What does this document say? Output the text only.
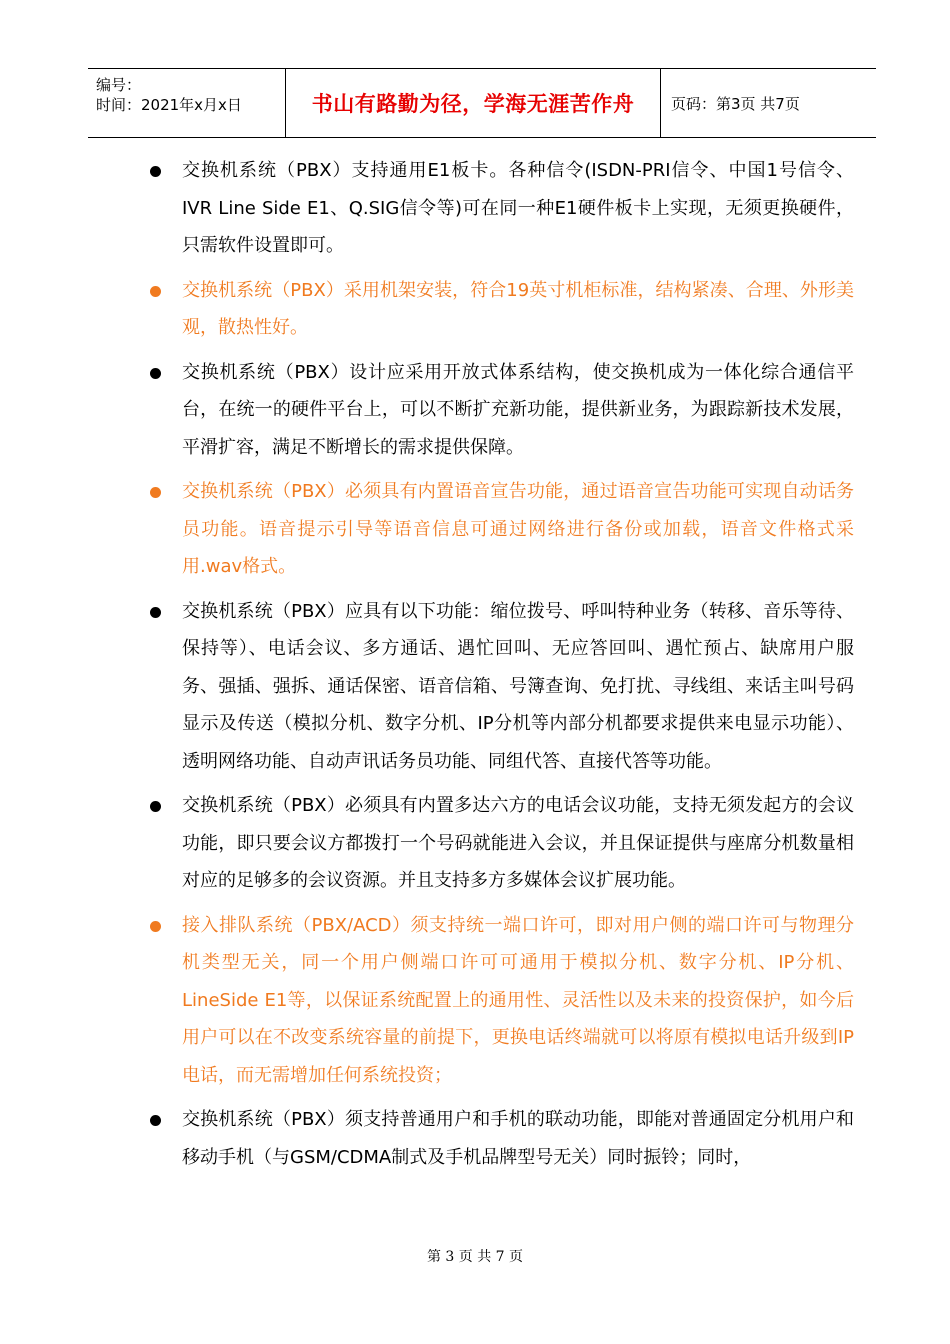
编号：
时间：2021年x月x日	书山有路勤为径，学海无涯苦作舟	页码：第3页 共7页
交换机系统（PBX）支持通用E1板卡。各种信令(ISDN-PRI信令、中国1号信令、IVR Line Side E1、Q.SIG信令等)可在同一种E1硬件板卡上实现，无须更换硬件，只需软件设置即可。
交换机系统（PBX）采用机架安装，符合19英寸机柜标准，结构紧凑、合理、外形美观，散热性好。
交换机系统（PBX）设计应采用开放式体系结构，使交换机成为一体化综合通信平台，在统一的硬件平台上，可以不断扩充新功能，提供新业务，为跟踪新技术发展，平滑扩容，满足不断增长的需求提供保障。
交换机系统（PBX）必须具有内置语音宣告功能，通过语音宣告功能可实现自动话务员功能。语音提示引导等语音信息可通过网络进行备份或加载，语音文件格式采用.wav格式。
交换机系统（PBX）应具有以下功能：缩位拨号、呼叫特种业务（转移、音乐等待、保持等）、电话会议、多方通话、遇忙回叫、无应答回叫、遇忙预占、缺席用户服务、强插、强拆、通话保密、语音信箱、号簿查询、免打扰、寻线组、来话主叫号码显示及传送（模拟分机、数字分机、IP分机等内部分机都要求提供来电显示功能）、透明网络功能、自动声讯话务员功能、同组代答、直接代答等功能。
交换机系统（PBX）必须具有内置多达六方的电话会议功能，支持无须发起方的会议功能，即只要会议方都拨打一个号码就能进入会议，并且保证提供与座席分机数量相对应的足够多的会议资源。并且支持多方多媒体会议扩展功能。
接入排队系统（PBX/ACD）须支持统一端口许可，即对用户侧的端口许可与物理分机类型无关，同一个用户侧端口许可可通用于模拟分机、数字分机、IP分机、LineSide E1等，以保证系统配置上的通用性、灵活性以及未来的投资保护，如今后用户可以在不改变系统容量的前提下，更换电话终端就可以将原有模拟电话升级到IP电话，而无需增加任何系统投资；
交换机系统（PBX）须支持普通用户和手机的联动功能，即能对普通固定分机用户和移动手机（与GSM/CDMA制式及手机品牌型号无关）同时振铃；同时，
第 3 页 共 7 页
